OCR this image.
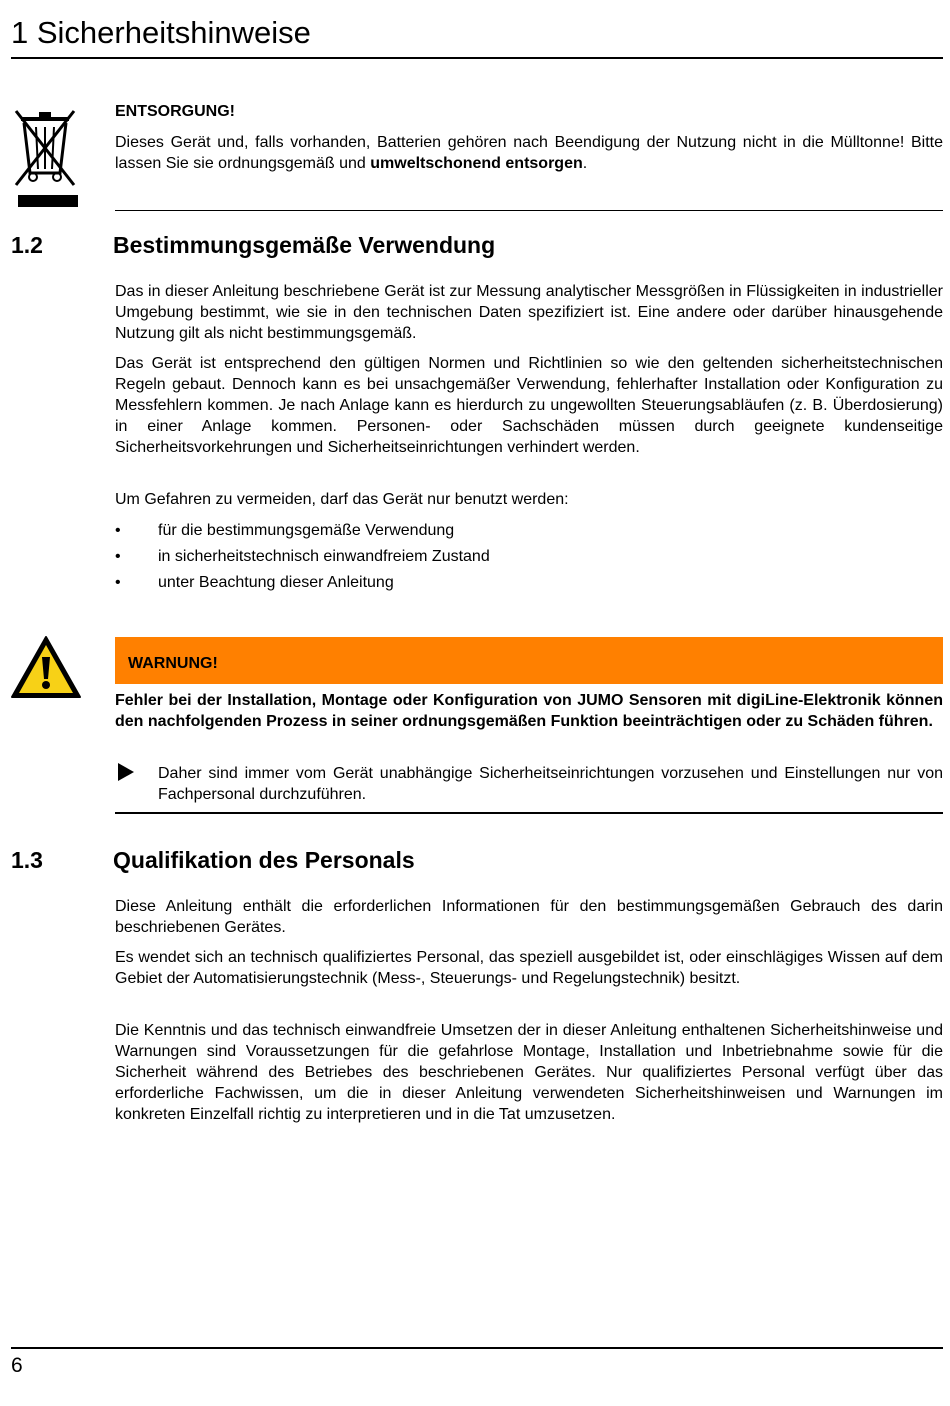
1 Sicherheitshinweise
ENTSORGUNG!
Dieses Gerät und, falls vorhanden, Batterien gehören nach Beendigung der Nutzung nicht in die Mülltonne! Bitte lassen Sie sie ordnungsgemäß und umweltschonend entsorgen.
1.2	Bestimmungsgemäße Verwendung

Das in dieser Anleitung beschriebene Gerät ist zur Messung analytischer Messgrößen in Flüssigkeiten in industrieller Umgebung bestimmt, wie sie in den technischen Daten spezifiziert ist. Eine andere oder darüber hinausgehende Nutzung gilt als nicht bestimmungsgemäß.

Das Gerät ist entsprechend den gültigen Normen und Richtlinien so wie den geltenden sicherheitstechnischen Regeln gebaut. Dennoch kann es bei unsachgemäßer Verwendung, fehlerhafter Installation oder Konfiguration zu Messfehlern kommen. Je nach Anlage kann es hierdurch zu ungewollten Steuerungsabläufen (z. B. Überdosierung) in einer Anlage kommen. Personen- oder Sachschäden müssen durch geeignete kundenseitige Sicherheitsvorkehrungen und Sicherheitseinrichtungen verhindert werden.

Um Gefahren zu vermeiden, darf das Gerät nur benutzt werden:

• für die bestimmungsgemäße Verwendung
• in sicherheitstechnisch einwandfreiem Zustand
• unter Beachtung dieser Anleitung
WARNUNG!

Fehler bei der Installation, Montage oder Konfiguration von JUMO Sensoren mit digiLine-Elektronik können den nachfolgenden Prozess in seiner ordnungsgemäßen Funktion beeinträchtigen oder zu Schäden führen.

Daher sind immer vom Gerät unabhängige Sicherheitseinrichtungen vorzusehen und Einstellungen nur von Fachpersonal durchzuführen.

1.3	Qualifikation des Personals

Diese Anleitung enthält die erforderlichen Informationen für den bestimmungsgemäßen Gebrauch des darin beschriebenen Gerätes.

Es wendet sich an technisch qualifiziertes Personal, das speziell ausgebildet ist, oder einschlägiges Wissen auf dem Gebiet der Automatisierungstechnik (Mess-, Steuerungs- und Regelungstechnik) besitzt.

Die Kenntnis und das technisch einwandfreie Umsetzen der in dieser Anleitung enthaltenen Sicherheitshinweise und Warnungen sind Voraussetzungen für die gefahrlose Montage, Installation und Inbetriebnahme sowie für die Sicherheit während des Betriebes des beschriebenen Gerätes. Nur qualifiziertes Personal verfügt über das erforderliche Fachwissen, um die in dieser Anleitung verwendeten Sicherheitshinweisen und Warnungen im konkreten Einzelfall richtig zu interpretieren und in die Tat umzusetzen.

6
